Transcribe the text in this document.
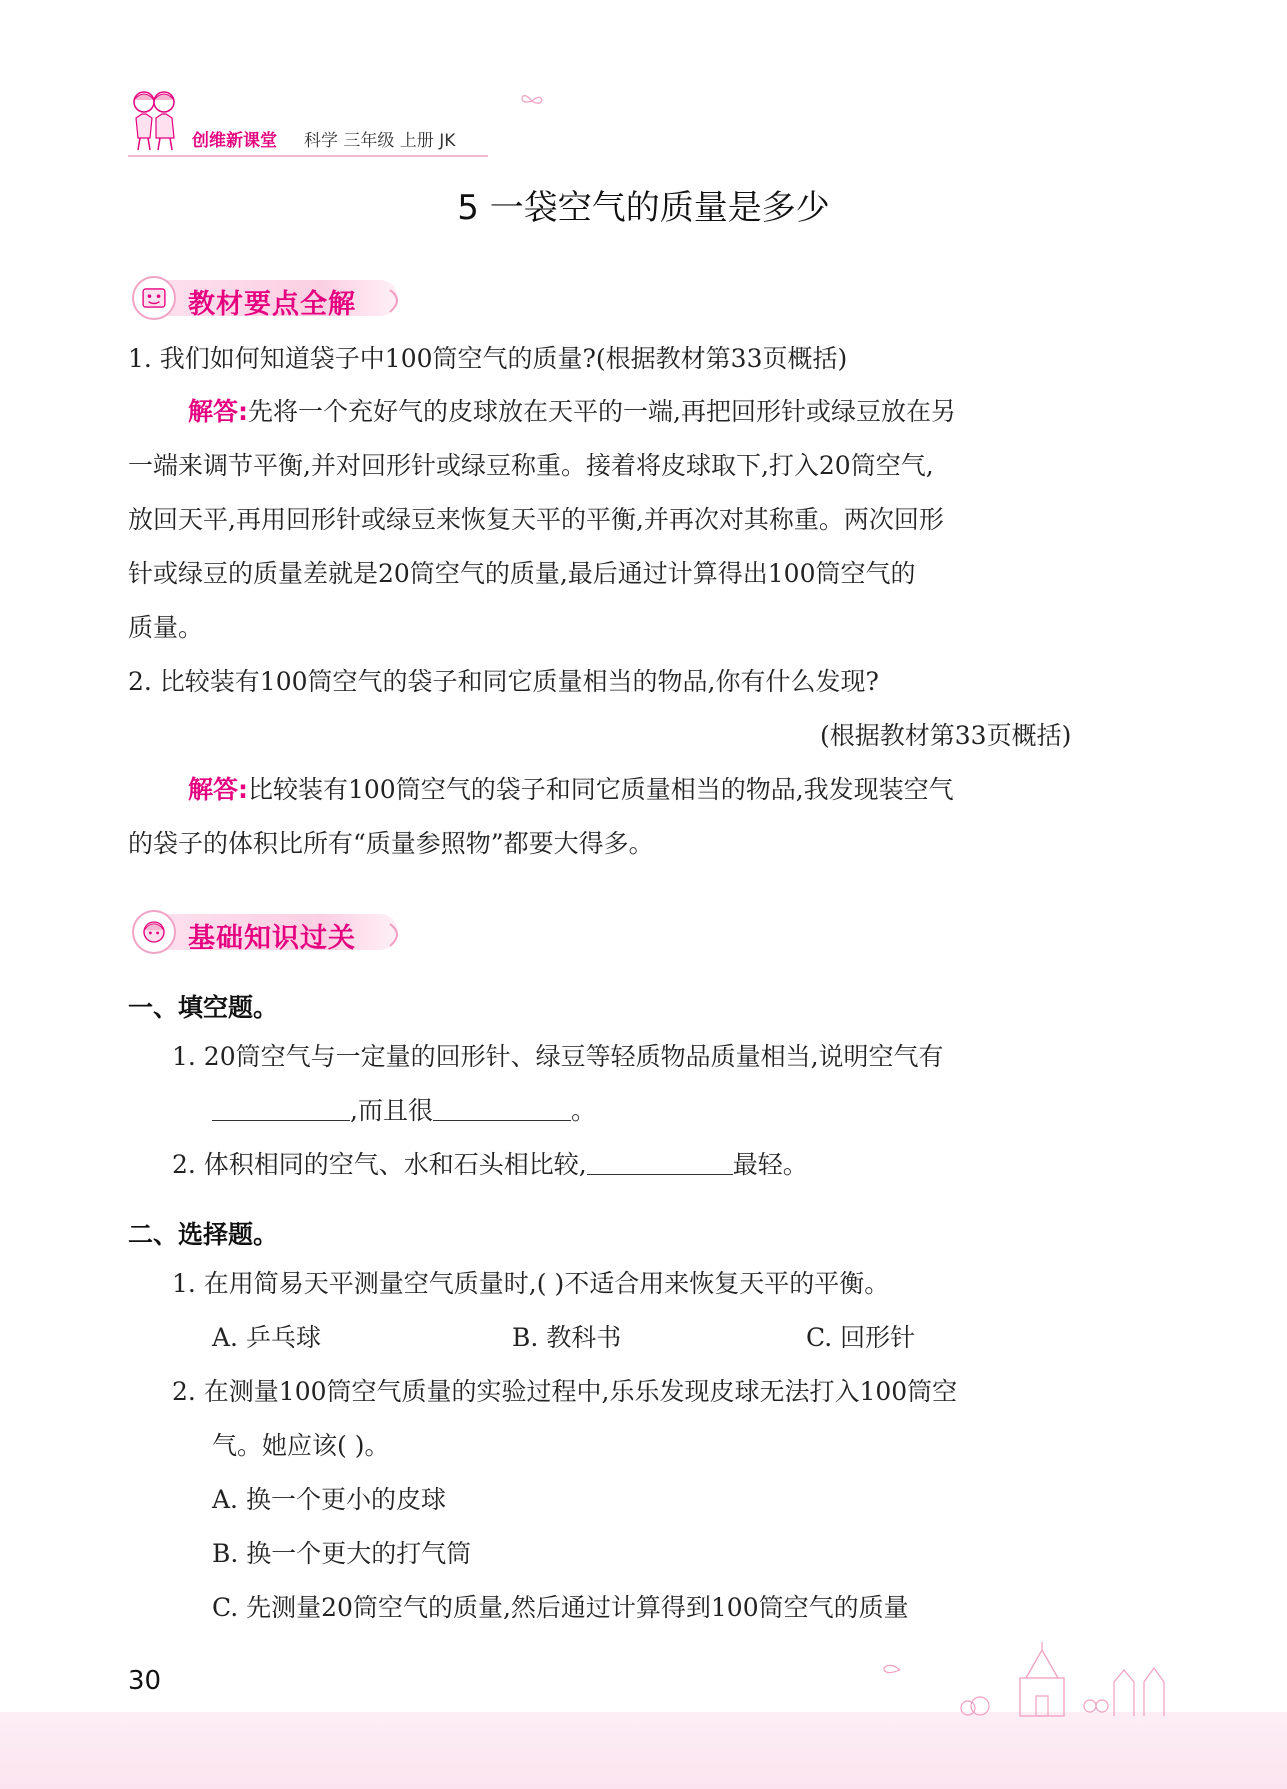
创维新课堂 科学 三年级 上册 JK
5 一袋空气的质量是多少
教材要点全解
1. 我们如何知道袋子中100筒空气的质量?(根据教材第33页概括)
解答:先将一个充好气的皮球放在天平的一端,再把回形针或绿豆放在另
一端来调节平衡,并对回形针或绿豆称重。接着将皮球取下,打入20筒空气,
放回天平,再用回形针或绿豆来恢复天平的平衡,并再次对其称重。两次回形
针或绿豆的质量差就是20筒空气的质量,最后通过计算得出100筒空气的
质量。
2. 比较装有100筒空气的袋子和同它质量相当的物品,你有什么发现?
(根据教材第33页概括)
解答:比较装有100筒空气的袋子和同它质量相当的物品,我发现装空气
的袋子的体积比所有“质量参照物”都要大得多。
基础知识过关
一、填空题。
1. 20筒空气与一定量的回形针、绿豆等轻质物品质量相当,说明空气有
,而且很	。
2. 体积相同的空气、水和石头相比较,	最轻。
二、选择题。
1. 在用简易天平测量空气质量时,( )不适合用来恢复天平的平衡。
A. 乒乓球	B. 教科书	C. 回形针
2. 在测量100筒空气质量的实验过程中,乐乐发现皮球无法打入100筒空
气。她应该( )。
A. 换一个更小的皮球
B. 换一个更大的打气筒
C. 先测量20筒空气的质量,然后通过计算得到100筒空气的质量
30
